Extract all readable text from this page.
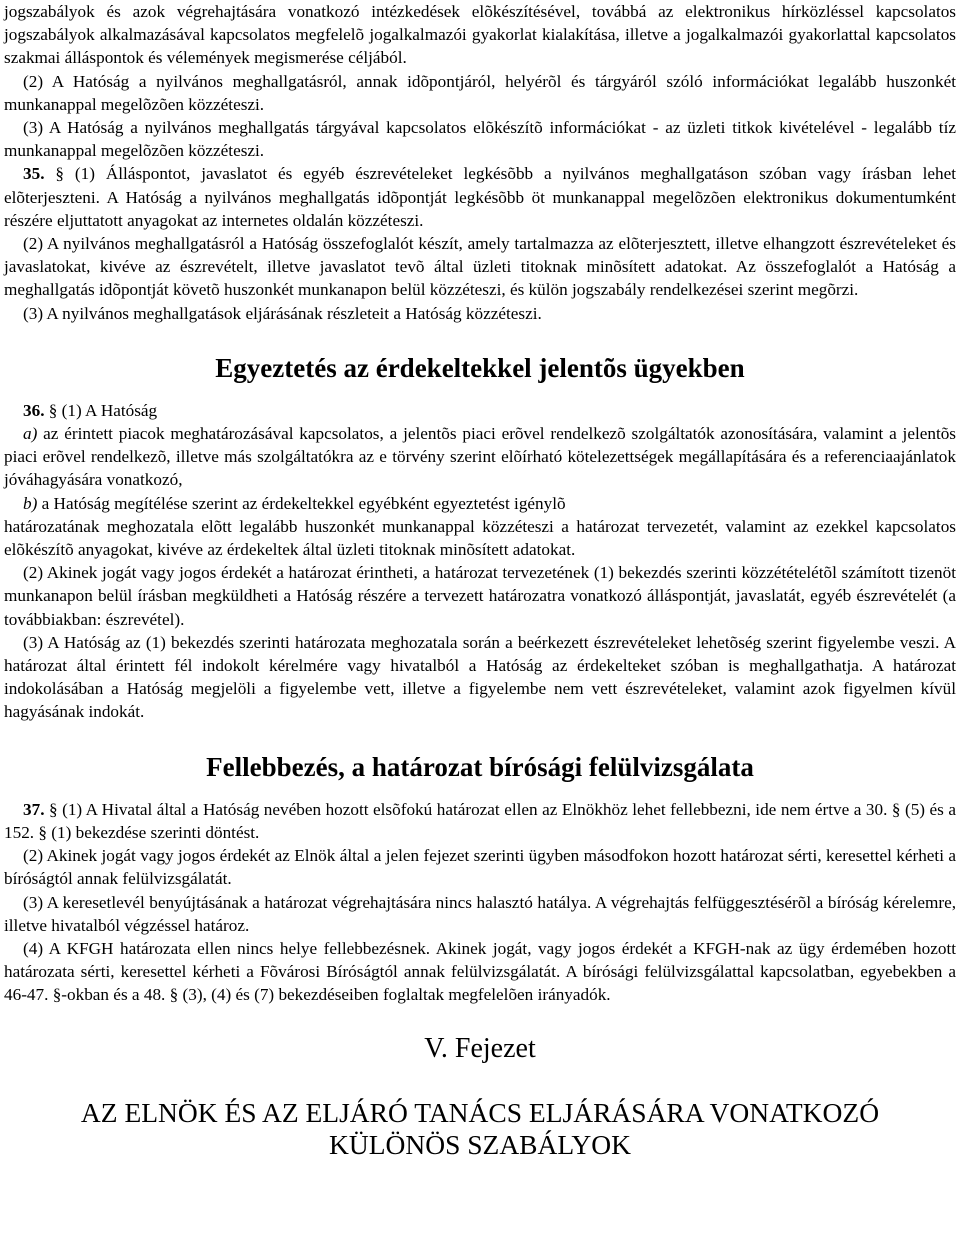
jogszabályok és azok végrehajtására vonatkozó intézkedések elõkészítésével, továbbá az elektronikus hírközléssel kapcsolatos jogszabályok alkalmazásával kapcsolatos megfelelõ jogalkalmazói gyakorlat kialakítása, illetve a jogalkalmazói gyakorlattal kapcsolatos szakmai álláspontok és vélemények megismerése céljából.

(2) A Hatóság a nyilvános meghallgatásról, annak idõpontjáról, helyérõl és tárgyáról szóló információkat legalább huszonkét munkanappal megelõzõen közzéteszi.

(3) A Hatóság a nyilvános meghallgatás tárgyával kapcsolatos elõkészítõ információkat - az üzleti titkok kivételével - legalább tíz munkanappal megelõzõen közzéteszi.

35. § (1) Álláspontot, javaslatot és egyéb észrevételeket legkésõbb a nyilvános meghallgatáson szóban vagy írásban lehet elõterjeszteni. A Hatóság a nyilvános meghallgatás idõpontját legkésõbb öt munkanappal megelõzõen elektronikus dokumentumként részére eljuttatott anyagokat az internetes oldalán közzéteszi.

(2) A nyilvános meghallgatásról a Hatóság összefoglalót készít, amely tartalmazza az elõterjesztett, illetve elhangzott észrevételeket és javaslatokat, kivéve az észrevételt, illetve javaslatot tevõ által üzleti titoknak minõsített adatokat. Az összefoglalót a Hatóság a meghallgatás idõpontját követõ huszonkét munkanapon belül közzéteszi, és külön jogszabály rendelkezései szerint megõrzi.

(3) A nyilvános meghallgatások eljárásának részleteit a Hatóság közzéteszi.

Egyeztetés az érdekeltekkel jelentõs ügyekben

36. § (1) A Hatóság

a) az érintett piacok meghatározásával kapcsolatos, a jelentõs piaci erõvel rendelkezõ szolgáltatók azonosítására, valamint a jelentõs piaci erõvel rendelkezõ, illetve más szolgáltatókra az e törvény szerint elõírható kötelezettségek megállapítására és a referenciaajánlatok jóváhagyására vonatkozó,

b) a Hatóság megítélése szerint az érdekeltekkel egyébként egyeztetést igénylõ

határozatának meghozatala elõtt legalább huszonkét munkanappal közzéteszi a határozat tervezetét, valamint az ezekkel kapcsolatos elõkészítõ anyagokat, kivéve az érdekeltek által üzleti titoknak minõsített adatokat.

(2) Akinek jogát vagy jogos érdekét a határozat érintheti, a határozat tervezetének (1) bekezdés szerinti közzétételétõl számított tizenöt munkanapon belül írásban megküldheti a Hatóság részére a tervezett határozatra vonatkozó álláspontját, javaslatát, egyéb észrevételét (a továbbiakban: észrevétel).

(3) A Hatóság az (1) bekezdés szerinti határozata meghozatala során a beérkezett észrevételeket lehetõség szerint figyelembe veszi. A határozat által érintett fél indokolt kérelmére vagy hivatalból a Hatóság az érdekelteket szóban is meghallgathatja. A határozat indokolásában a Hatóság megjelöli a figyelembe vett, illetve a figyelembe nem vett észrevételeket, valamint azok figyelmen kívül hagyásának indokát.

Fellebbezés, a határozat bírósági felülvizsgálata

37. § (1) A Hivatal által a Hatóság nevében hozott elsõfokú határozat ellen az Elnökhöz lehet fellebbezni, ide nem értve a 30. § (5) és a 152. § (1) bekezdése szerinti döntést.

(2) Akinek jogát vagy jogos érdekét az Elnök által a jelen fejezet szerinti ügyben másodfokon hozott határozat sérti, keresettel kérheti a bíróságtól annak felülvizsgálatát.

(3) A keresetlevél benyújtásának a határozat végrehajtására nincs halasztó hatálya. A végrehajtás felfüggesztésérõl a bíróság kérelemre, illetve hivatalból végzéssel határoz.

(4) A KFGH határozata ellen nincs helye fellebbezésnek. Akinek jogát, vagy jogos érdekét a KFGH-nak az ügy érdemében hozott határozata sérti, keresettel kérheti a Fõvárosi Bíróságtól annak felülvizsgálatát. A bírósági felülvizsgálattal kapcsolatban, egyebekben a 46-47. §-okban és a 48. § (3), (4) és (7) bekezdéseiben foglaltak megfelelõen irányadók.

V. Fejezet
AZ ELNÖK ÉS AZ ELJÁRÓ TANÁCS ELJÁRÁSÁRA VONATKOZÓ
KÜLÖNÖS SZABÁLYOK
